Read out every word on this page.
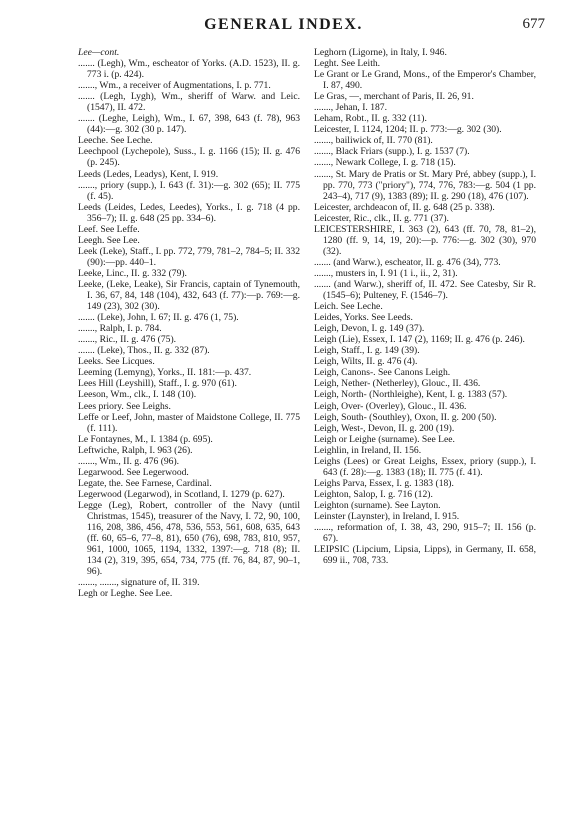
GENERAL INDEX.	677

Lee—cont.

....... (Legh), Wm., escheator of Yorks. (A.D. 1523), II. g. 773 i. (p. 424).

......., Wm., a receiver of Augmentations, I. p. 771.

....... (Legh, Lygh), Wm., sheriff of Warw. and Leic. (1547), II. 472.

....... (Leghe, Leigh), Wm., I. 67, 398, 643 (f. 78), 963 (44):—g. 302 (30 p. 147).

Leeche. See Leche.

Leechpool (Lychepole), Suss., I. g. 1166 (15); II. g. 476 (p. 245).

Leeds (Ledes, Leadys), Kent, I. 919.

......., priory (supp.), I. 643 (f. 31):—g. 302 (65); II. 775 (f. 45).

Leeds (Leides, Ledes, Leedes), Yorks., I. g. 718 (4 pp. 356–7); II. g. 648 (25 pp. 334–6).

Leef. See Leffe.

Leegh. See Lee.

Leek (Leke), Staff., I. pp. 772, 779, 781–2, 784–5; II. 332 (90):—pp. 440–1.

Leeke, Linc., II. g. 332 (79).

Leeke, (Leke, Leake), Sir Francis, captain of Tynemouth, I. 36, 67, 84, 148 (104), 432, 643 (f. 77):—p. 769:—g. 149 (23), 302 (30).

....... (Leke), John, I. 67; II. g. 476 (1, 75).

......., Ralph, I. p. 784.

......., Ric., II. g. 476 (75).

....... (Leke), Thos., II. g. 332 (87).

Leeks. See Licques.

Leeming (Lemyng), Yorks., II. 181:—p. 437.

Lees Hill (Leyshill), Staff., I. g. 970 (61).

Leeson, Wm., clk., I. 148 (10).

Lees priory. See Leighs.

Leffe or Leef, John, master of Maidstone College, II. 775 (f. 111).

Le Fontaynes, M., I. 1384 (p. 695).

Leftwiche, Ralph, I. 963 (26).

......., Wm., II. g. 476 (96).

Legarwood. See Legerwood.

Legate, the. See Farnese, Cardinal.

Legerwood (Legarwod), in Scotland, I. 1279 (p. 627).

Legge (Leg), Robert, controller of the Navy (until Christmas, 1545), treasurer of the Navy, I. 72, 90, 100, 116, 208, 386, 456, 478, 536, 553, 561, 608, 635, 643 (ff. 60, 65–6, 77–8, 81), 650 (76), 698, 783, 810, 957, 961, 1000, 1065, 1194, 1332, 1397:—g. 718 (8); II. 134 (2), 319, 395, 654, 734, 775 (ff. 76, 84, 87, 90–1, 96).

......., ......., signature of, II. 319.

Legh or Leghe. See Lee.

Leghorn (Ligorne), in Italy, I. 946.

Leght. See Leith.

Le Grant or Le Grand, Mons., of the Emperor's Chamber, I. 87, 490.

Le Gras, —, merchant of Paris, II. 26, 91.

......., Jehan, I. 187.

Leham, Robt., II. g. 332 (11).

Leicester, I. 1124, 1204; II. p. 773:—g. 302 (30).

......., bailiwick of, II. 770 (81).

......., Black Friars (supp.), I. g. 1537 (7).

......., Newark College, I. g. 718 (15).

......., St. Mary de Pratis or St. Mary Pré, abbey (supp.), I. pp. 770, 773 ("priory"), 774, 776, 783:—g. 504 (1 pp. 243–4), 717 (9), 1383 (89); II. g. 290 (18), 476 (107).

Leicester, archdeacon of, II. g. 648 (25 p. 338).

Leicester, Ric., clk., II. g. 771 (37).

LEICESTERSHIRE, I. 363 (2), 643 (ff. 70, 78, 81–2), 1280 (ff. 9, 14, 19, 20):—p. 776:—g. 302 (30), 970 (32).

....... (and Warw.), escheator, II. g. 476 (34), 773.

......., musters in, I. 91 (1 i., ii., 2, 31).

....... (and Warw.), sheriff of, II. 472. See Catesby, Sir R. (1545–6); Pulteney, F. (1546–7).

Leich. See Leche.

Leides, Yorks. See Leeds.

Leigh, Devon, I. g. 149 (37).

Leigh (Lie), Essex, I. 147 (2), 1169; II. g. 476 (p. 246).

Leigh, Staff., I. g. 149 (39).

Leigh, Wilts, II. g. 476 (4).

Leigh, Canons-. See Canons Leigh.

Leigh, Nether- (Netherley), Glouc., II. 436.

Leigh, North- (Northleighe), Kent, I. g. 1383 (57).

Leigh, Over- (Overley), Glouc., II. 436.

Leigh, South- (Southley), Oxon, II. g. 200 (50).

Leigh, West-, Devon, II. g. 200 (19).

Leigh or Leighe (surname). See Lee.

Leighlin, in Ireland, II. 156.

Leighs (Lees) or Great Leighs, Essex, priory (supp.), I. 643 (f. 28):—g. 1383 (18); II. 775 (f. 41).

Leighs Parva, Essex, I. g. 1383 (18).

Leighton, Salop, I. g. 716 (12).

Leighton (surname). See Layton.

Leinster (Laynster), in Ireland, I. 915.

......., reformation of, I. 38, 43, 290, 915–7; II. 156 (p. 67).

LEIPSIC (Lipcium, Lipsia, Lipps), in Germany, II. 658, 699 ii., 708, 733.
